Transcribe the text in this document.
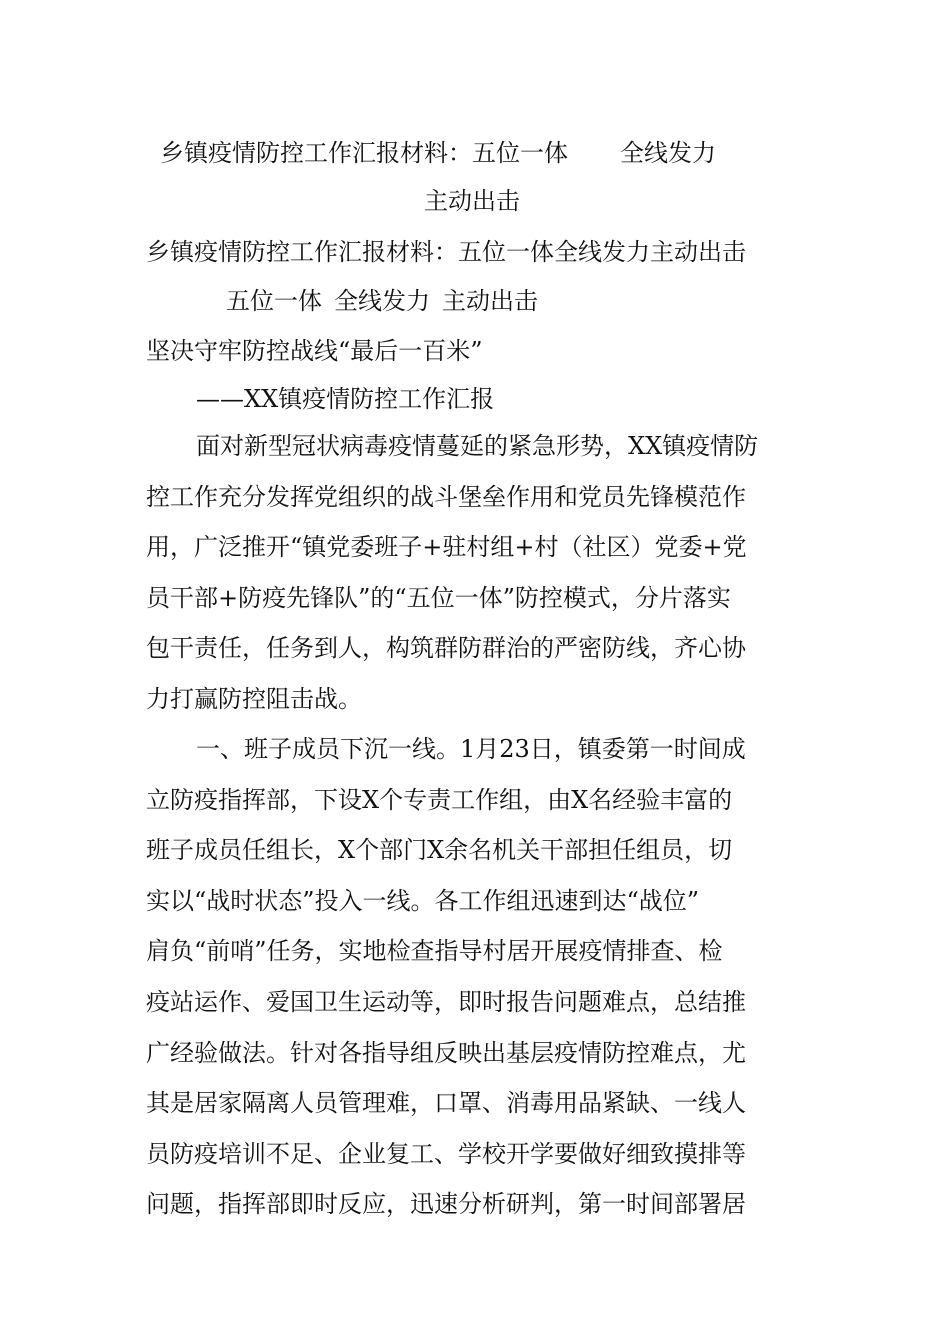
乡镇疫情防控工作汇报材料：五位一体 全线发力

主动出击

乡镇疫情防控工作汇报材料：五位一体全线发力主动出击

五位一体 全线发力 主动出击

坚决守牢防控战线“最后一百米”

——XX镇疫情防控工作汇报

面对新型冠状病毒疫情蔓延的紧急形势，XX镇疫情防
控工作充分发挥党组织的战斗堡垒作用和党员先锋模范作
用，广泛推开“镇党委班子+驻村组+村（社区）党委+党
员干部+防疫先锋队”的“五位一体”防控模式，分片落实
包干责任，任务到人，构筑群防群治的严密防线，齐心协
力打赢防控阻击战。
一、班子成员下沉一线。1月23日，镇委第一时间成
立防疫指挥部，下设X个专责工作组，由X名经验丰富的
班子成员任组长，X个部门X余名机关干部担任组员，切
实以“战时状态”投入一线。各工作组迅速到达“战位”
肩负“前哨”任务，实地检查指导村居开展疫情排查、检
疫站运作、爱国卫生运动等，即时报告问题难点，总结推
广经验做法。针对各指导组反映出基层疫情防控难点，尤
其是居家隔离人员管理难，口罩、消毒用品紧缺、一线人
员防疫培训不足、企业复工、学校开学要做好细致摸排等
问题，指挥部即时反应，迅速分析研判，第一时间部署居
